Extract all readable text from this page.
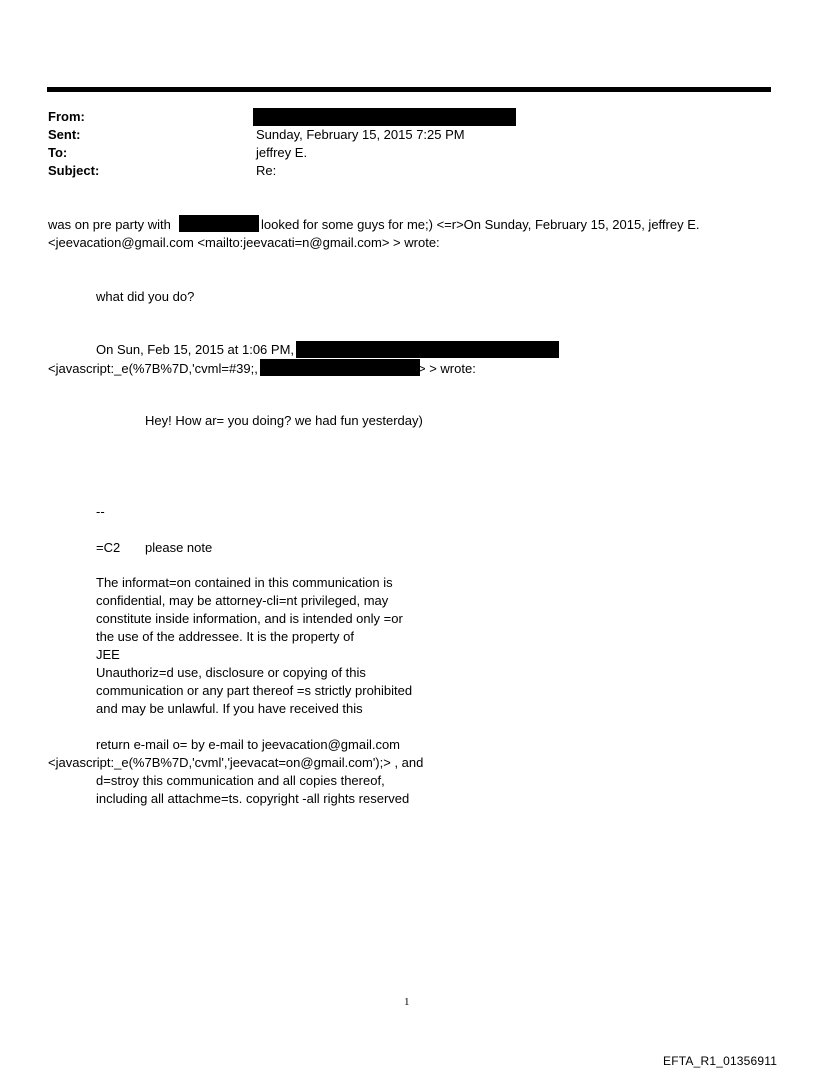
From:
Sent:	Sunday, February 15, 2015 7:25 PM
To:	jeffrey E.
Subject:	Re:
was on pre party with	looked for some guys for me;) <=r>On Sunday, February 15, 2015, jeffrey E.
<jeevacation@gmail.com <mailto:jeevacati=n@gmail.com> > wrote:
what did you do?
On Sun, Feb 15, 2015 at 1:06 PM,
<javascript:_e(%7B%7D,'cvml=#39;,	> > wrote:
Hey! How ar= you doing? we had fun yesterday)
--
=C2 please note
The informat=on contained in this communication is
confidential, may be attorney-cli=nt privileged, may
constitute inside information, and is intended only =or
the use of the addressee. It is the property of
JEE
Unauthoriz=d use, disclosure or copying of this
communication or any part thereof =s strictly prohibited
and may be unlawful. If you have received this
return e-mail o= by e-mail to jeevacation@gmail.com
<javascript:_e(%7B%7D,'cvml','jeevacat=on@gmail.com');> , and
d=stroy this communication and all copies thereof,
including all attachme=ts. copyright -all rights reserved
1
EFTA_R1_01356911
